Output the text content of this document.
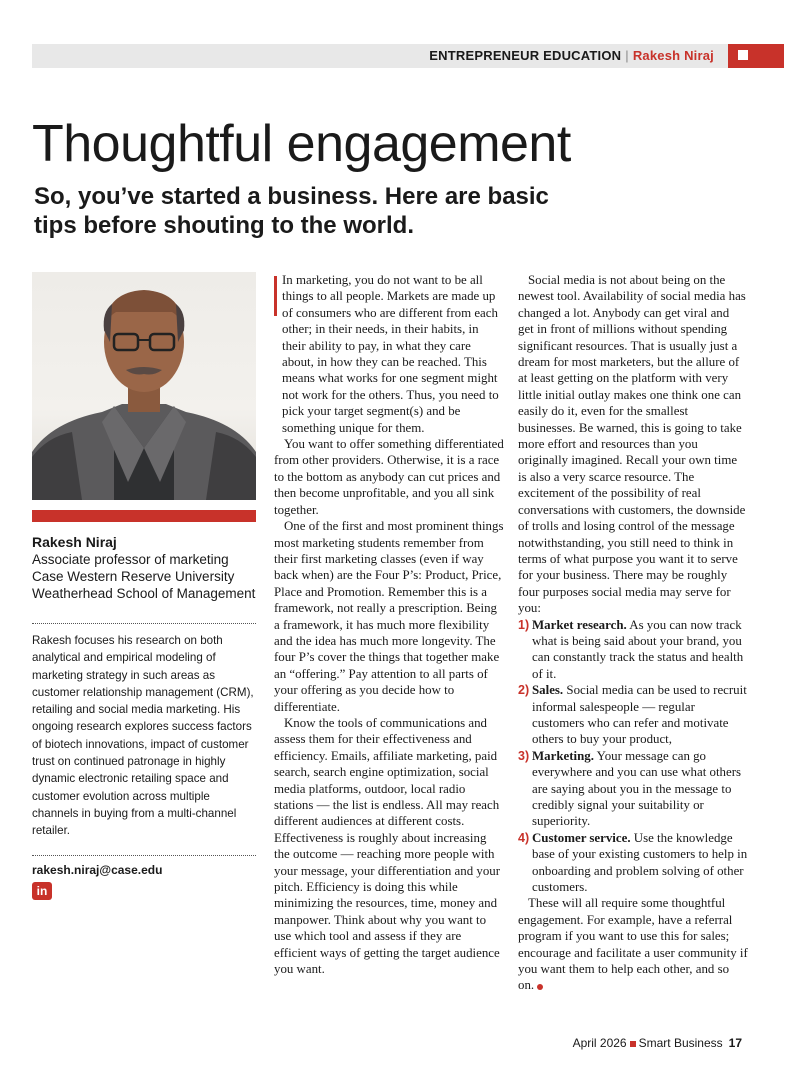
ENTREPRENEUR EDUCATION | Rakesh Niraj
Thoughtful engagement
So, you’ve started a business. Here are basic tips before shouting to the world.
Rakesh Niraj

Associate professor of marketing Case Western Reserve University Weatherhead School of Management

Rakesh focuses his research on both analytical and empirical modeling of marketing strategy in such areas as customer relationship management (CRM), retailing and social media marketing. His ongoing research explores success factors of biotech innovations, impact of customer trust on continued patronage in highly dynamic electronic retailing space and customer evolution across multiple channels in buying from a multi-channel retailer.

rakesh.niraj@case.edu
in

In marketing, you do not want to be all things to all people. Markets are made up of consumers who are different from each other; in their needs, in their habits, in their ability to pay, in what they care about, in how they can be reached. This means what works for one segment might not work for the others. Thus, you need to pick your target segment(s) and be something unique for them.

You want to offer something differentiated from other providers. Otherwise, it is a race to the bottom as anybody can cut prices and then become unprofitable, and you all sink together.

One of the first and most prominent things most marketing students remember from their first marketing classes (even if way back when) are the Four P’s: Product, Price, Place and Promotion. Remember this is a framework, not really a prescription. Being a framework, it has much more flexibility and the idea has much more longevity. The four P’s cover the things that together make an “offering.” Pay attention to all parts of your offering as you decide how to differentiate.

Know the tools of communications and assess them for their effectiveness and efficiency. Emails, affiliate marketing, paid search, search engine optimization, social media platforms, outdoor, local radio stations — the list is endless. All may reach different audiences at different costs. Effectiveness is roughly about increasing the outcome — reaching more people with your message, your differentiation and your pitch. Efficiency is doing this while minimizing the resources, time, money and manpower. Think about why you want to use which tool and assess if they are efficient ways of getting the target audience you want.

Social media is not about being on the newest tool. Availability of social media has changed a lot. Anybody can get viral and get in front of millions without spending significant resources. That is usually just a dream for most marketers, but the allure of at least getting on the platform with very little initial outlay makes one think one can easily do it, even for the smallest businesses. Be warned, this is going to take more effort and resources than you originally imagined. Recall your own time is also a very scarce resource. The excitement of the possibility of real conversations with customers, the downside of trolls and losing control of the message notwithstanding, you still need to think in terms of what purpose you want it to serve for your business. There may be roughly four purposes social media may serve for you:

1) Market research. As you can now track what is being said about your brand, you can constantly track the status and health of it.
2) Sales. Social media can be used to recruit informal salespeople — regular customers who can refer and motivate others to buy your product,
3) Marketing. Your message can go everywhere and you can use what others are saying about you in the message to credibly signal your suitability or superiority.
4) Customer service. Use the knowledge base of your existing customers to help in onboarding and problem solving of other customers.

These will all require some thoughtful engagement. For example, have a referral program if you want to use this for sales; encourage and facilitate a user community if you want them to help each other, and so on.

April 2026 Smart Business 17
